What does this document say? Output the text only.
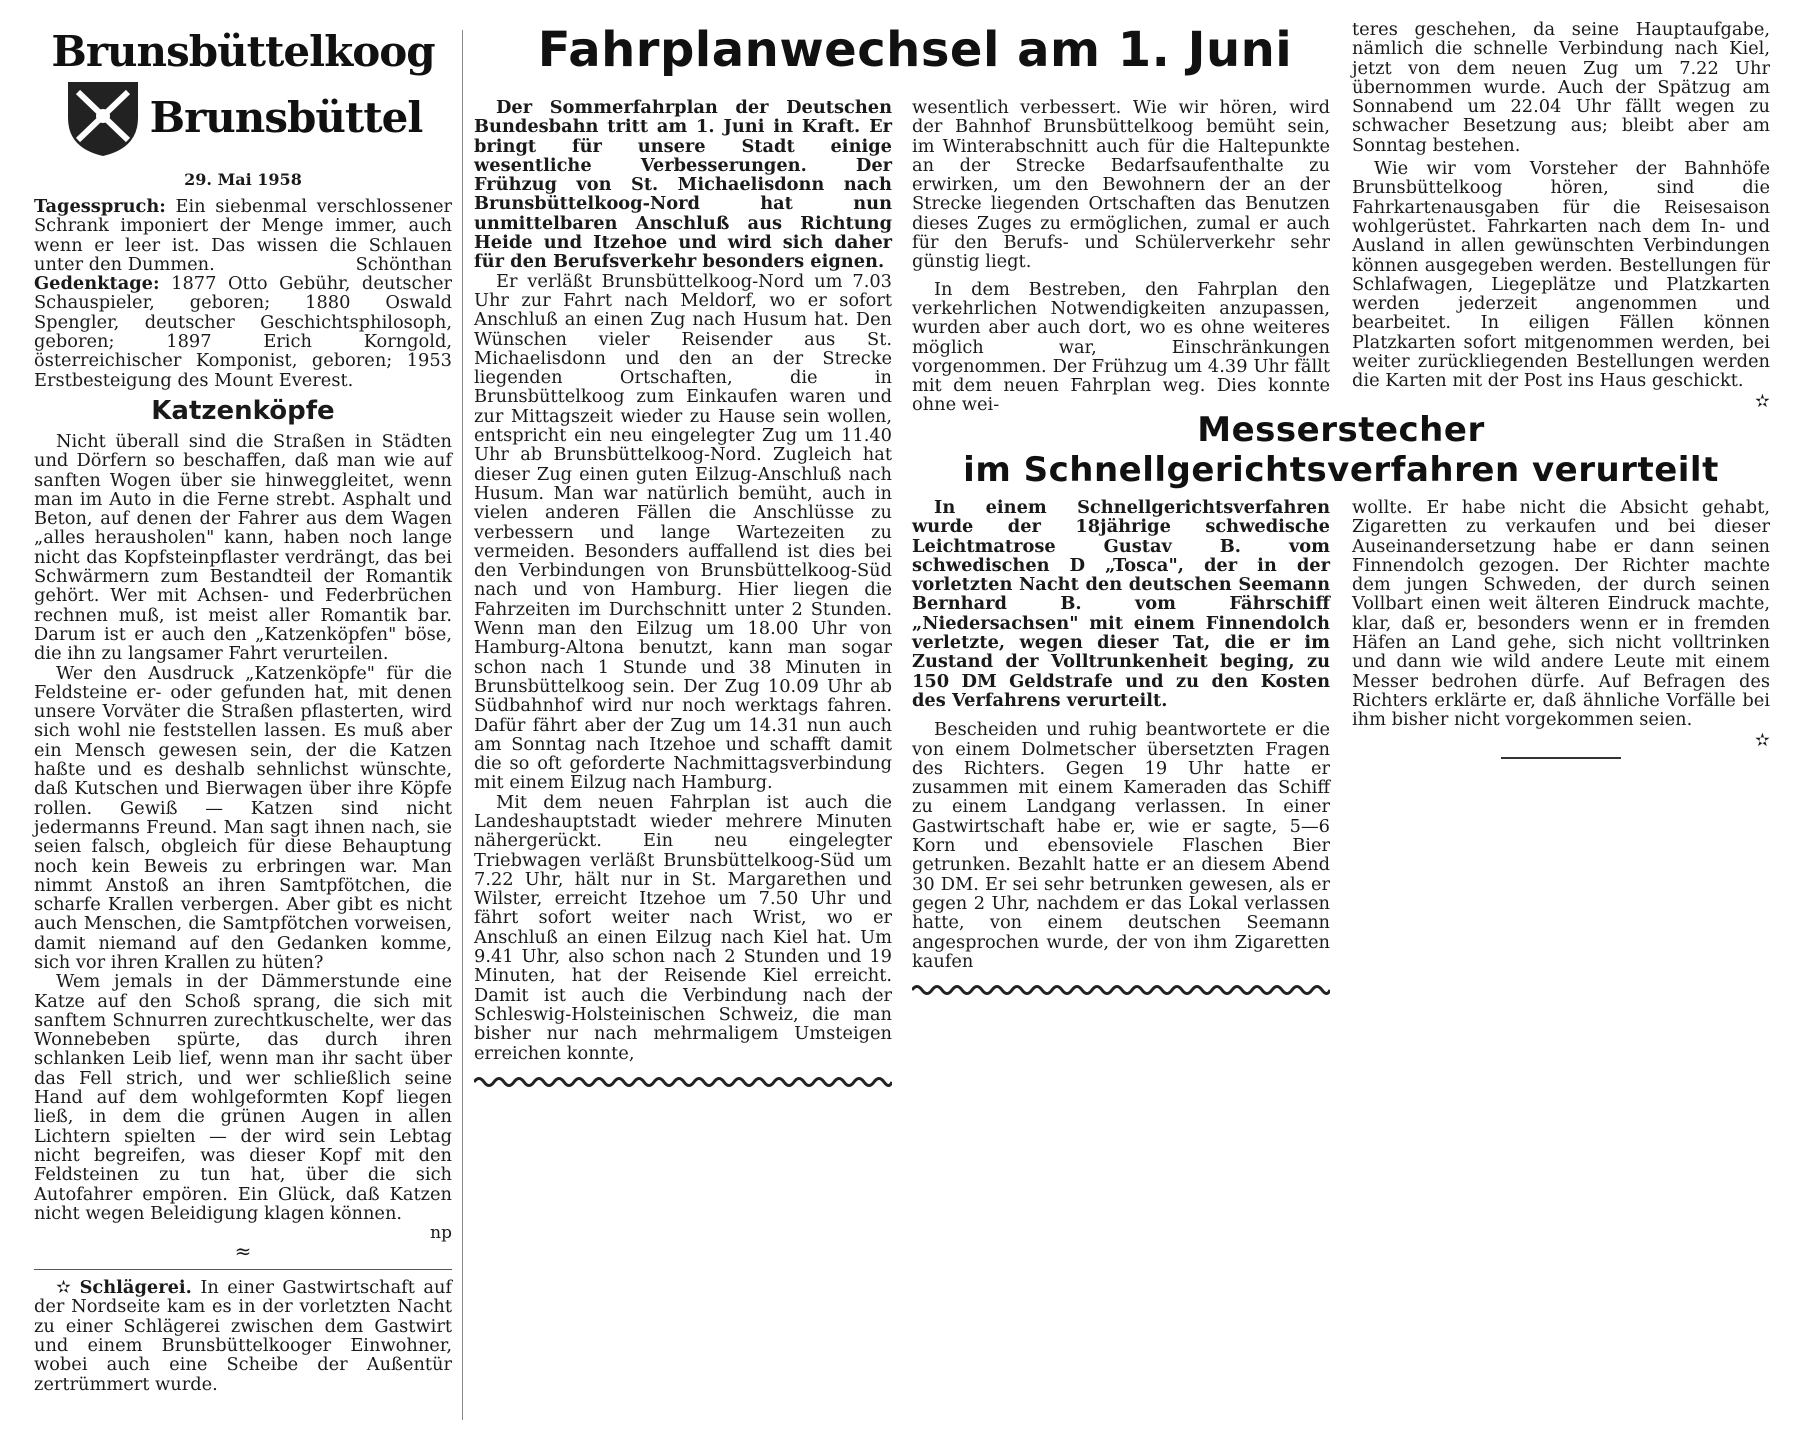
Brunsbüttelkoog
Brunsbüttel
29. Mai 1958

Tagesspruch: Ein siebenmal verschlossener Schrank imponiert der Menge immer, auch wenn er leer ist. Das wissen die Schlauen unter den Dummen.	Schönthan

Gedenktage: 1877 Otto Gebühr, deutscher Schauspieler, geboren; 1880 Oswald Spengler, deutscher Geschichtsphilosoph, geboren; 1897 Erich Korngold, österreichischer Komponist, geboren; 1953 Erstbesteigung des Mount Everest.

Katzenköpfe

Nicht überall sind die Straßen in Städten und Dörfern so beschaffen, daß man wie auf sanften Wogen über sie hinweggleitet, wenn man im Auto in die Ferne strebt. Asphalt und Beton, auf denen der Fahrer aus dem Wagen „alles herausholen" kann, haben noch lange nicht das Kopfsteinpflaster verdrängt, das bei Schwärmern zum Bestandteil der Romantik gehört. Wer mit Achsen- und Federbrüchen rechnen muß, ist meist aller Romantik bar. Darum ist er auch den „Katzenköpfen" böse, die ihn zu langsamer Fahrt verurteilen.

Wer den Ausdruck „Katzenköpfe" für die Feldsteine er- oder gefunden hat, mit denen unsere Vorväter die Straßen pflasterten, wird sich wohl nie feststellen lassen. Es muß aber ein Mensch gewesen sein, der die Katzen haßte und es deshalb sehnlichst wünschte, daß Kutschen und Bierwagen über ihre Köpfe rollen. Gewiß — Katzen sind nicht jedermanns Freund. Man sagt ihnen nach, sie seien falsch, obgleich für diese Behauptung noch kein Beweis zu erbringen war. Man nimmt Anstoß an ihren Samtpfötchen, die scharfe Krallen verbergen. Aber gibt es nicht auch Menschen, die Samtpfötchen vorweisen, damit niemand auf den Gedanken komme, sich vor ihren Krallen zu hüten?

Wem jemals in der Dämmerstunde eine Katze auf den Schoß sprang, die sich mit sanftem Schnurren zurechtkuschelte, wer das Wonnebeben spürte, das durch ihren schlanken Leib lief, wenn man ihr sacht über das Fell strich, und wer schließlich seine Hand auf dem wohlgeformten Kopf liegen ließ, in dem die grünen Augen in allen Lichtern spielten — der wird sein Lebtag nicht begreifen, was dieser Kopf mit den Feldsteinen zu tun hat, über die sich Autofahrer empören. Ein Glück, daß Katzen nicht wegen Beleidigung klagen können.

np
≈

✫ Schlägerei. In einer Gastwirtschaft auf der Nordseite kam es in der vorletzten Nacht zu einer Schlägerei zwischen dem Gastwirt und einem Brunsbüttelkooger Einwohner, wobei auch eine Scheibe der Außentür zertrümmert wurde.

Fahrplanwechsel am 1. Juni

Der Sommerfahrplan der Deutschen Bundesbahn tritt am 1. Juni in Kraft. Er bringt für unsere Stadt einige wesentliche Verbesserungen. Der Frühzug von St. Michaelisdonn nach Brunsbüttelkoog-Nord hat nun unmittelbaren Anschluß aus Richtung Heide und Itzehoe und wird sich daher für den Berufsverkehr besonders eignen.

Er verläßt Brunsbüttelkoog-Nord um 7.03 Uhr zur Fahrt nach Meldorf, wo er sofort Anschluß an einen Zug nach Husum hat. Den Wünschen vieler Reisender aus St. Michaelisdonn und den an der Strecke liegenden Ortschaften, die in Brunsbüttelkoog zum Einkaufen waren und zur Mittagszeit wieder zu Hause sein wollen, entspricht ein neu eingelegter Zug um 11.40 Uhr ab Brunsbüttelkoog-Nord. Zugleich hat dieser Zug einen guten Eilzug-Anschluß nach Husum. Man war natürlich bemüht, auch in vielen anderen Fällen die Anschlüsse zu verbessern und lange Wartezeiten zu vermeiden. Besonders auffallend ist dies bei den Verbindungen von Brunsbüttelkoog-Süd nach und von Hamburg. Hier liegen die Fahrzeiten im Durchschnitt unter 2 Stunden. Wenn man den Eilzug um 18.00 Uhr von Hamburg-Altona benutzt, kann man sogar schon nach 1 Stunde und 38 Minuten in Brunsbüttelkoog sein. Der Zug 10.09 Uhr ab Südbahnhof wird nur noch werktags fahren. Dafür fährt aber der Zug um 14.31 nun auch am Sonntag nach Itzehoe und schafft damit die so oft geforderte Nachmittagsverbindung mit einem Eilzug nach Hamburg.

Mit dem neuen Fahrplan ist auch die Landeshauptstadt wieder mehrere Minuten nähergerückt. Ein neu eingelegter Triebwagen verläßt Brunsbüttelkoog-Süd um 7.22 Uhr, hält nur in St. Margarethen und Wilster, erreicht Itzehoe um 7.50 Uhr und fährt sofort weiter nach Wrist, wo er Anschluß an einen Eilzug nach Kiel hat. Um 9.41 Uhr, also schon nach 2 Stunden und 19 Minuten, hat der Reisende Kiel erreicht. Damit ist auch die Verbindung nach der Schleswig-Holsteinischen Schweiz, die man bisher nur nach mehrmaligem Umsteigen erreichen konnte,

wesentlich verbessert. Wie wir hören, wird der Bahnhof Brunsbüttelkoog bemüht sein, im Winterabschnitt auch für die Haltepunkte an der Strecke Bedarfsaufenthalte zu erwirken, um den Bewohnern der an der Strecke liegenden Ortschaften das Benutzen dieses Zuges zu ermöglichen, zumal er auch für den Berufs- und Schülerverkehr sehr günstig liegt.

In dem Bestreben, den Fahrplan den verkehrlichen Notwendigkeiten anzupassen, wurden aber auch dort, wo es ohne weiteres möglich war, Einschränkungen vorgenommen. Der Frühzug um 4.39 Uhr fällt mit dem neuen Fahrplan weg. Dies konnte ohne wei-

teres geschehen, da seine Hauptaufgabe, nämlich die schnelle Verbindung nach Kiel, jetzt von dem neuen Zug um 7.22 Uhr übernommen wurde. Auch der Spätzug am Sonnabend um 22.04 Uhr fällt wegen zu schwacher Besetzung aus; bleibt aber am Sonntag bestehen.

Wie wir vom Vorsteher der Bahnhöfe Brunsbüttelkoog hören, sind die Fahrkartenausgaben für die Reisesaison wohlgerüstet. Fahrkarten nach dem In- und Ausland in allen gewünschten Verbindungen können ausgegeben werden. Bestellungen für Schlafwagen, Liegeplätze und Platzkarten werden jederzeit angenommen und bearbeitet. In eiligen Fällen können Platzkarten sofort mitgenommen werden, bei weiter zurückliegenden Bestellungen werden die Karten mit der Post ins Haus geschickt.

✫
Messerstecher
im Schnellgerichtsverfahren verurteilt

In einem Schnellgerichtsverfahren wurde der 18jährige schwedische Leichtmatrose Gustav B. vom schwedischen D „Tosca", der in der vorletzten Nacht den deutschen Seemann Bernhard B. vom Fährschiff „Niedersachsen" mit einem Finnendolch verletzte, wegen dieser Tat, die er im Zustand der Volltrunkenheit beging, zu 150 DM Geldstrafe und zu den Kosten des Verfahrens verurteilt.

Bescheiden und ruhig beantwortete er die von einem Dolmetscher übersetzten Fragen des Richters. Gegen 19 Uhr hatte er zusammen mit einem Kameraden das Schiff zu einem Landgang verlassen. In einer Gastwirtschaft habe er, wie er sagte, 5—6 Korn und ebensoviele Flaschen Bier getrunken. Bezahlt hatte er an diesem Abend 30 DM. Er sei sehr betrunken gewesen, als er gegen 2 Uhr, nachdem er das Lokal verlassen hatte, von einem deutschen Seemann angesprochen wurde, der von ihm Zigaretten kaufen

wollte. Er habe nicht die Absicht gehabt, Zigaretten zu verkaufen und bei dieser Auseinandersetzung habe er dann seinen Finnendolch gezogen. Der Richter machte dem jungen Schweden, der durch seinen Vollbart einen weit älteren Eindruck machte, klar, daß er, besonders wenn er in fremden Häfen an Land gehe, sich nicht volltrinken und dann wie wild andere Leute mit einem Messer bedrohen dürfe. Auf Befragen des Richters erklärte er, daß ähnliche Vorfälle bei ihm bisher nicht vorgekommen seien.

✫
